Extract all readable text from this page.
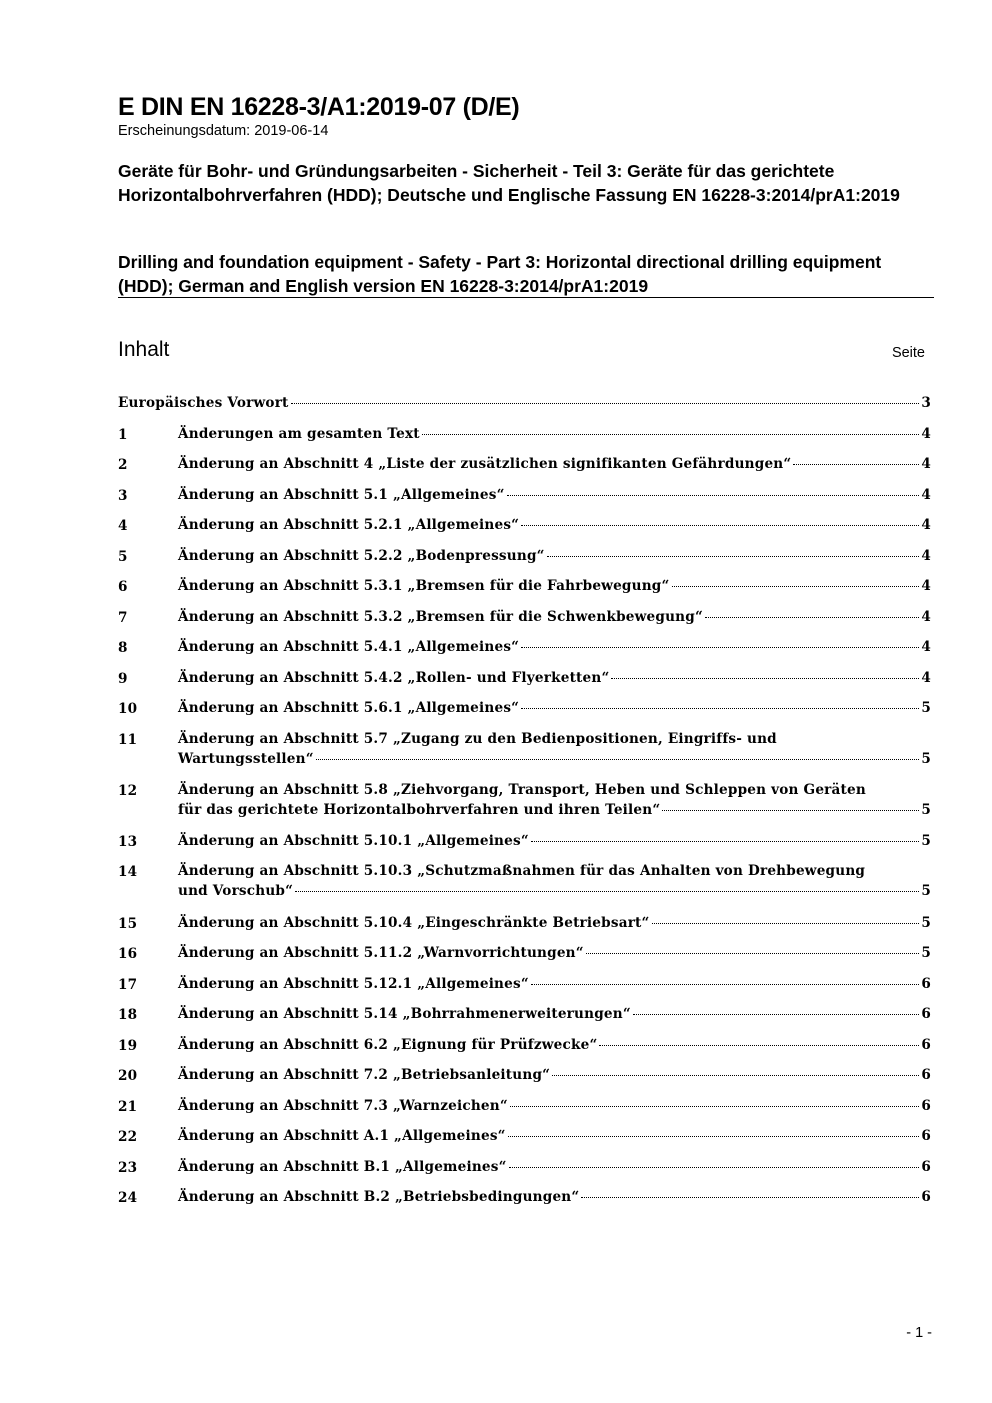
E DIN EN 16228-3/A1:2019-07 (D/E)
Erscheinungsdatum: 2019-06-14
Geräte für Bohr- und Gründungsarbeiten - Sicherheit - Teil 3: Geräte für das gerichtete Horizontalbohrverfahren (HDD); Deutsche und Englische Fassung EN 16228-3:2014/prA1:2019
Drilling and foundation equipment - Safety - Part 3: Horizontal directional drilling equipment (HDD); German and English version EN 16228-3:2014/prA1:2019
Inhalt	Seite
Europäisches Vorwort	3
1	Änderungen am gesamten Text	4
2	Änderung an Abschnitt 4 „Liste der zusätzlichen signifikanten Gefährdungen“	4
3	Änderung an Abschnitt 5.1 „Allgemeines“	4
4	Änderung an Abschnitt 5.2.1 „Allgemeines“	4
5	Änderung an Abschnitt 5.2.2 „Bodenpressung“	4
6	Änderung an Abschnitt 5.3.1 „Bremsen für die Fahrbewegung“	4
7	Änderung an Abschnitt 5.3.2 „Bremsen für die Schwenkbewegung“	4
8	Änderung an Abschnitt 5.4.1 „Allgemeines“	4
9	Änderung an Abschnitt 5.4.2 „Rollen- und Flyerketten“	4
10	Änderung an Abschnitt 5.6.1 „Allgemeines“	5
11	Änderung an Abschnitt 5.7 „Zugang zu den Bedienpositionen, Eingriffs- und
Wartungsstellen“	5
12	Änderung an Abschnitt 5.8 „Ziehvorgang, Transport, Heben und Schleppen von Geräten
für das gerichtete Horizontalbohrverfahren und ihren Teilen“	5
13	Änderung an Abschnitt 5.10.1 „Allgemeines“	5
14	Änderung an Abschnitt 5.10.3 „Schutzmaßnahmen für das Anhalten von Drehbewegung
und Vorschub“	5
15	Änderung an Abschnitt 5.10.4 „Eingeschränkte Betriebsart“	5
16	Änderung an Abschnitt 5.11.2 „Warnvorrichtungen“	5
17	Änderung an Abschnitt 5.12.1 „Allgemeines“	6
18	Änderung an Abschnitt 5.14 „Bohrrahmenerweiterungen“	6
19	Änderung an Abschnitt 6.2 „Eignung für Prüfzwecke“	6
20	Änderung an Abschnitt 7.2 „Betriebsanleitung“	6
21	Änderung an Abschnitt 7.3 „Warnzeichen“	6
22	Änderung an Abschnitt A.1 „Allgemeines“	6
23	Änderung an Abschnitt B.1 „Allgemeines“	6
24	Änderung an Abschnitt B.2 „Betriebsbedingungen“	6
- 1 -
